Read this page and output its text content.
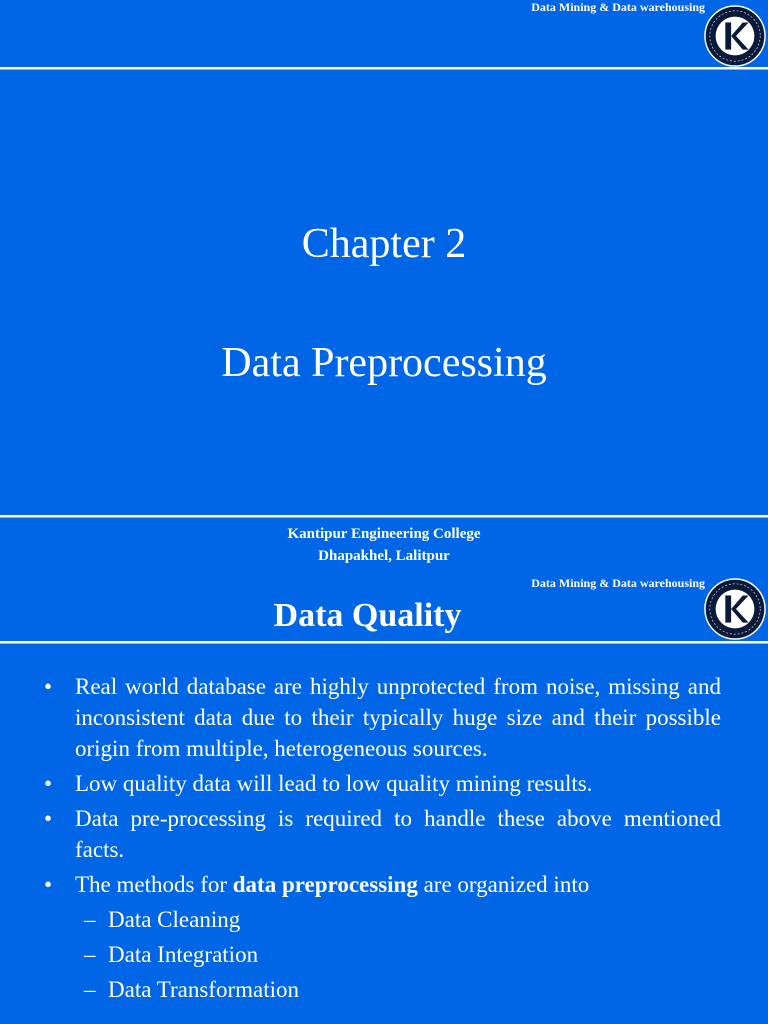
Data Mining & Data warehousing
Chapter 2
Data Preprocessing
Kantipur Engineering College
Dhapakhel, Lalitpur
Data Mining & Data warehousing
Data Quality
• Real world database are highly unprotected from noise, missing and inconsistent data due to their typically huge size and their possible origin from multiple, heterogeneous sources.
• Low quality data will lead to low quality mining results.
• Data pre-processing is required to handle these above mentioned facts.
• The methods for data preprocessing are organized into
– Data Cleaning
– Data Integration
– Data Transformation
